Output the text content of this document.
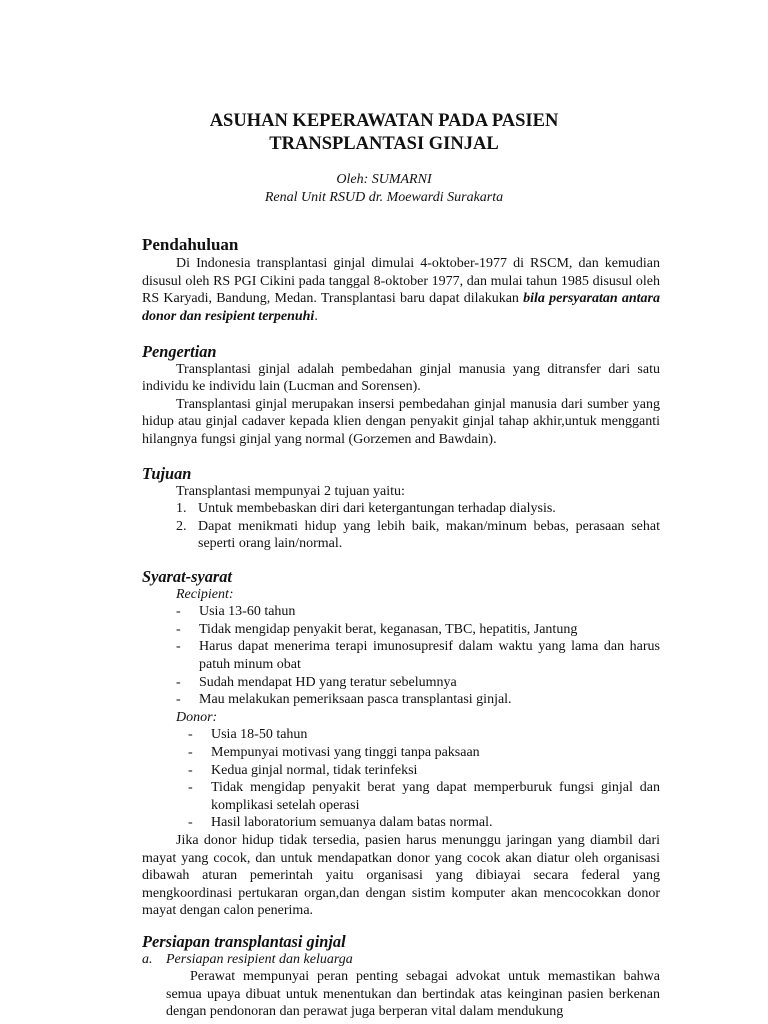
ASUHAN KEPERAWATAN PADA PASIEN
TRANSPLANTASI GINJAL
Oleh: SUMARNI
Renal Unit RSUD dr. Moewardi Surakarta
Pendahuluan

Di Indonesia transplantasi ginjal dimulai 4-oktober-1977 di RSCM, dan kemudian disusul oleh RS PGI Cikini pada tanggal 8-oktober 1977, dan mulai tahun 1985 disusul oleh RS Karyadi, Bandung, Medan. Transplantasi baru dapat dilakukan bila persyaratan antara donor dan resipient terpenuhi.

Pengertian

Transplantasi ginjal adalah pembedahan ginjal manusia yang ditransfer dari satu individu ke individu lain (Lucman and Sorensen).

Transplantasi ginjal merupakan insersi pembedahan ginjal manusia dari sumber yang hidup atau ginjal cadaver kepada klien dengan penyakit ginjal tahap akhir,untuk mengganti hilangnya fungsi ginjal yang normal (Gorzemen and Bawdain).

Tujuan

Transplantasi mempunyai 2 tujuan yaitu:

1. Untuk membebaskan diri dari ketergantungan terhadap dialysis.
2. Dapat menikmati hidup yang lebih baik, makan/minum bebas, perasaan sehat seperti orang lain/normal.
Syarat-syarat
Recipient:
- Usia 13-60 tahun
- Tidak mengidap penyakit berat, keganasan, TBC, hepatitis, Jantung
- Harus dapat menerima terapi imunosupresif dalam waktu yang lama dan harus patuh minum obat
- Sudah mendapat HD yang teratur sebelumnya
- Mau melakukan pemeriksaan pasca transplantasi ginjal.
Donor:
- Usia 18-50 tahun
- Mempunyai motivasi yang tinggi tanpa paksaan
- Kedua ginjal normal, tidak terinfeksi
- Tidak mengidap penyakit berat yang dapat memperburuk fungsi ginjal dan komplikasi setelah operasi
- Hasil laboratorium semuanya dalam batas normal.

Jika donor hidup tidak tersedia, pasien harus menunggu jaringan yang diambil dari mayat yang cocok, dan untuk mendapatkan donor yang cocok akan diatur oleh organisasi dibawah aturan pemerintah yaitu organisasi yang dibiayai secara federal yang mengkoordinasi pertukaran organ,dan dengan sistim komputer akan mencocokkan donor mayat dengan calon penerima.

Persiapan transplantasi ginjal
a. Persiapan resipient dan keluarga

Perawat mempunyai peran penting sebagai advokat untuk memastikan bahwa semua upaya dibuat untuk menentukan dan bertindak atas keinginan pasien berkenan dengan pendonoran dan perawat juga berperan vital dalam mendukung
